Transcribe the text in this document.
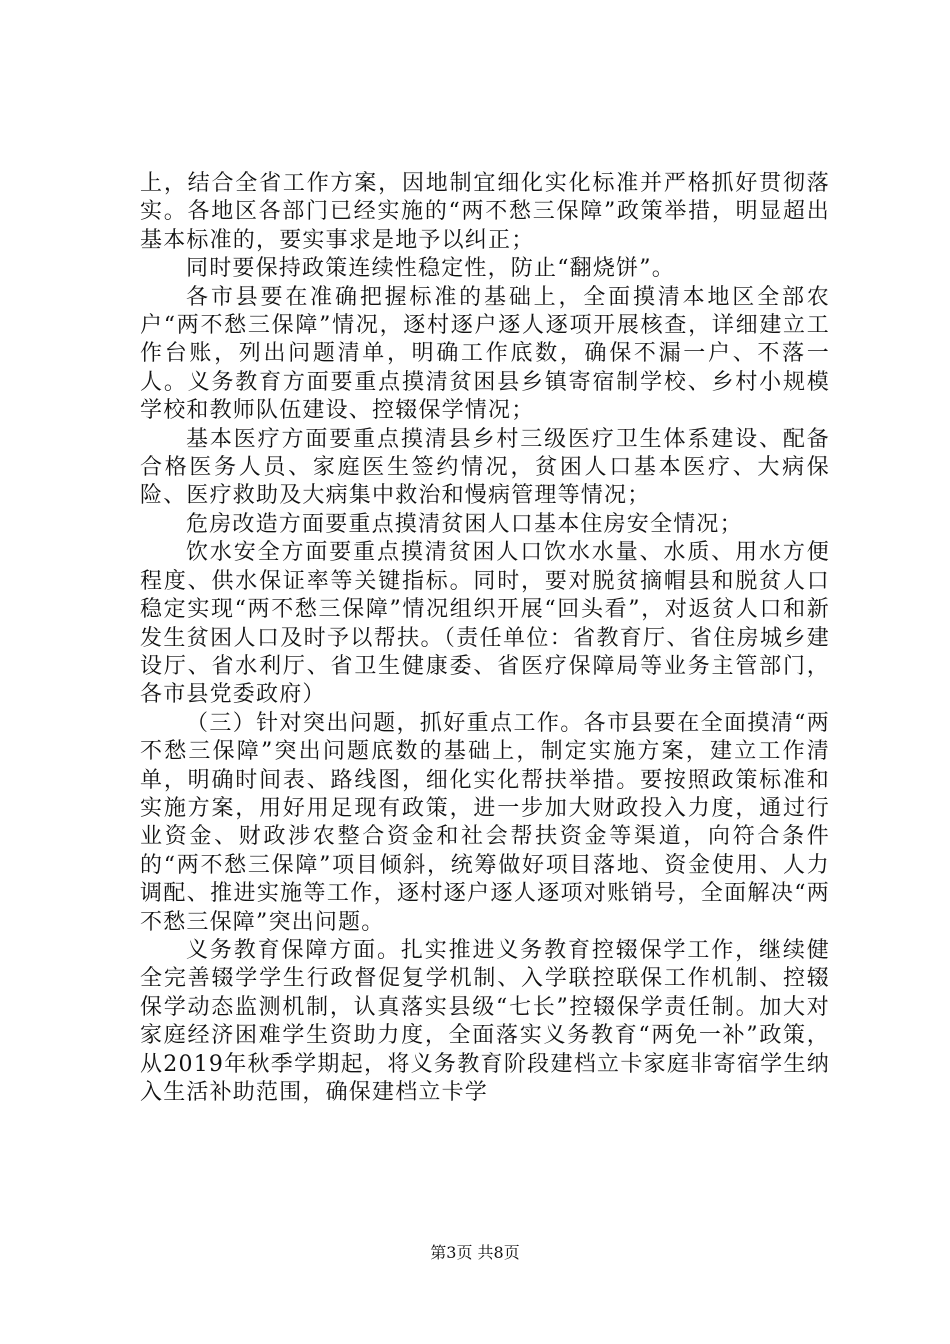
上，结合全省工作方案，因地制宜细化实化标准并严格抓好贯彻落实。各地区各部门已经实施的“两不愁三保障”政策举措，明显超出基本标准的，要实事求是地予以纠正；

同时要保持政策连续性稳定性，防止“翻烧饼”。

各市县要在准确把握标准的基础上，全面摸清本地区全部农户“两不愁三保障”情况，逐村逐户逐人逐项开展核查，详细建立工作台账，列出问题清单，明确工作底数，确保不漏一户、不落一人。义务教育方面要重点摸清贫困县乡镇寄宿制学校、乡村小规模学校和教师队伍建设、控辍保学情况；

基本医疗方面要重点摸清县乡村三级医疗卫生体系建设、配备合格医务人员、家庭医生签约情况，贫困人口基本医疗、大病保险、医疗救助及大病集中救治和慢病管理等情况；

危房改造方面要重点摸清贫困人口基本住房安全情况；

饮水安全方面要重点摸清贫困人口饮水水量、水质、用水方便程度、供水保证率等关键指标。同时，要对脱贫摘帽县和脱贫人口稳定实现“两不愁三保障”情况组织开展“回头看”，对返贫人口和新发生贫困人口及时予以帮扶。（责任单位：省教育厅、省住房城乡建设厅、省水利厅、省卫生健康委、省医疗保障局等业务主管部门，各市县党委政府）

（三）针对突出问题，抓好重点工作。各市县要在全面摸清“两不愁三保障”突出问题底数的基础上，制定实施方案，建立工作清单，明确时间表、路线图，细化实化帮扶举措。要按照政策标准和实施方案，用好用足现有政策，进一步加大财政投入力度，通过行业资金、财政涉农整合资金和社会帮扶资金等渠道，向符合条件的“两不愁三保障”项目倾斜，统筹做好项目落地、资金使用、人力调配、推进实施等工作，逐村逐户逐人逐项对账销号，全面解决“两不愁三保障”突出问题。

义务教育保障方面。扎实推进义务教育控辍保学工作，继续健全完善辍学学生行政督促复学机制、入学联控联保工作机制、控辍保学动态监测机制，认真落实县级“七长”控辍保学责任制。加大对家庭经济困难学生资助力度，全面落实义务教育“两免一补”政策，从2019年秋季学期起，将义务教育阶段建档立卡家庭非寄宿学生纳入生活补助范围，确保建档立卡学

第3页 共8页
